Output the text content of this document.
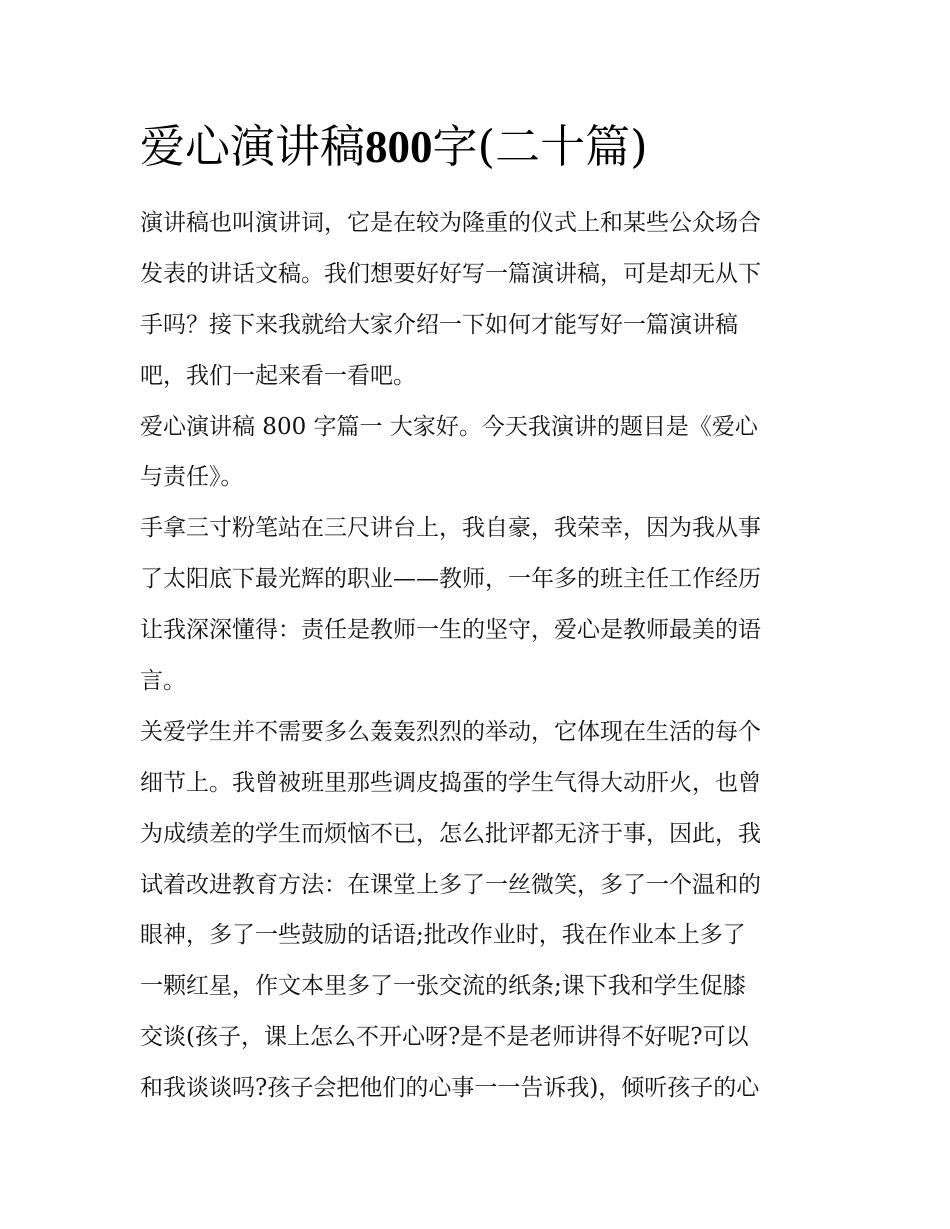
爱心演讲稿800字(二十篇)
演讲稿也叫演讲词，它是在较为隆重的仪式上和某些公众场合
发表的讲话文稿。我们想要好好写一篇演讲稿，可是却无从下
手吗？接下来我就给大家介绍一下如何才能写好一篇演讲稿
吧，我们一起来看一看吧。
爱心演讲稿 800 字篇一 大家好。今天我演讲的题目是《爱心
与责任》。
手拿三寸粉笔站在三尺讲台上，我自豪，我荣幸，因为我从事
了太阳底下最光辉的职业——教师，一年多的班主任工作经历
让我深深懂得：责任是教师一生的坚守，爱心是教师最美的语
言。
关爱学生并不需要多么轰轰烈烈的举动，它体现在生活的每个
细节上。我曾被班里那些调皮捣蛋的学生气得大动肝火，也曾
为成绩差的学生而烦恼不已，怎么批评都无济于事，因此，我
试着改进教育方法：在课堂上多了一丝微笑，多了一个温和的
眼神，多了一些鼓励的话语;批改作业时，我在作业本上多了
一颗红星，作文本里多了一张交流的纸条;课下我和学生促膝
交谈(孩子，课上怎么不开心呀?是不是老师讲得不好呢?可以
和我谈谈吗?孩子会把他们的心事一一告诉我)，倾听孩子的心
